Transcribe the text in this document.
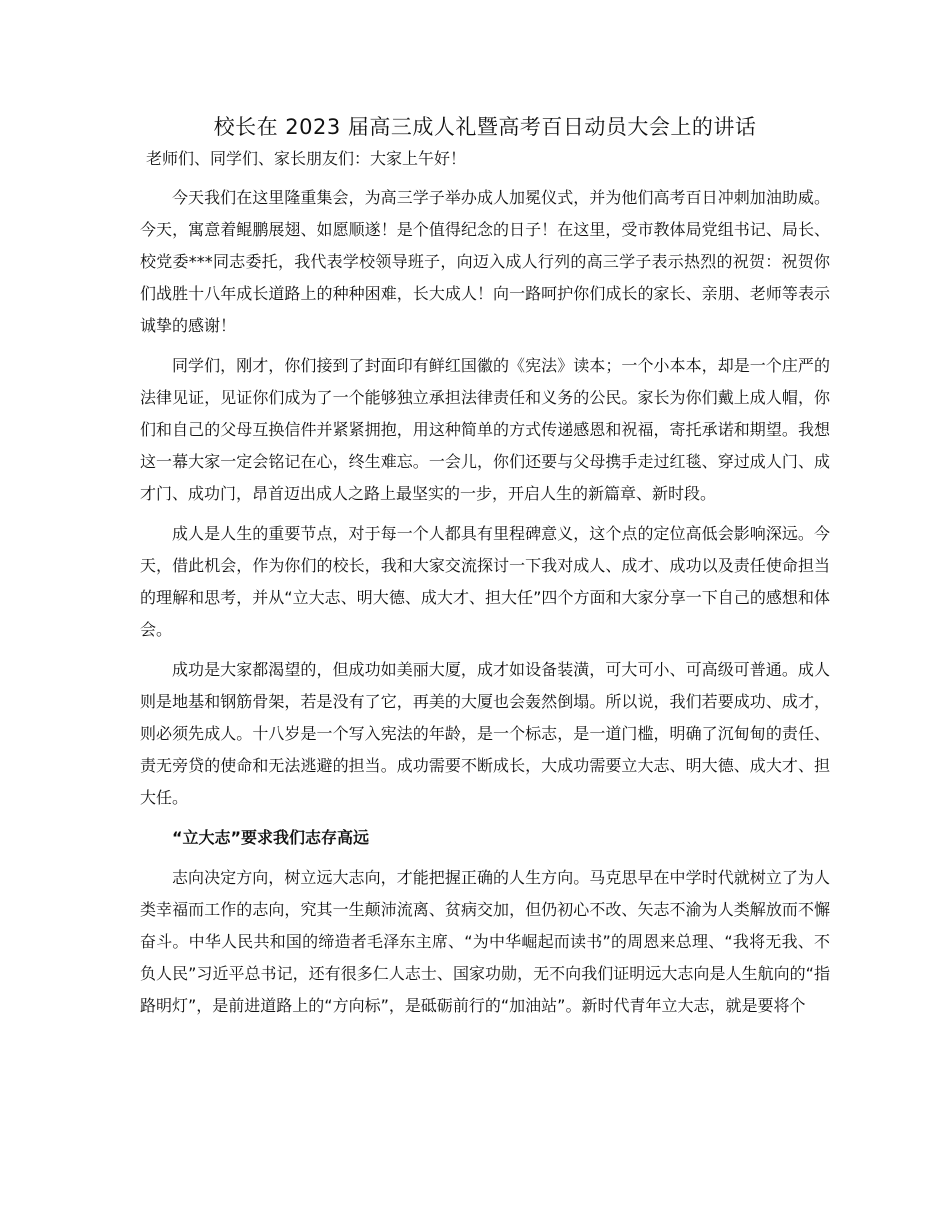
校长在 2023 届高三成人礼暨高考百日动员大会上的讲话

老师们、同学们、家长朋友们：大家上午好！

今天我们在这里隆重集会，为高三学子举办成人加冕仪式，并为他们高考百日冲刺加油助威。今天，寓意着鲲鹏展翅、如愿顺遂！是个值得纪念的日子！在这里，受市教体局党组书记、局长、校党委***同志委托，我代表学校领导班子，向迈入成人行列的高三学子表示热烈的祝贺：祝贺你们战胜十八年成长道路上的种种困难，长大成人！向一路呵护你们成长的家长、亲朋、老师等表示诚挚的感谢！

同学们，刚才，你们接到了封面印有鲜红国徽的《宪法》读本；一个小本本，却是一个庄严的法律见证，见证你们成为了一个能够独立承担法律责任和义务的公民。家长为你们戴上成人帽，你们和自己的父母互换信件并紧紧拥抱，用这种简单的方式传递感恩和祝福，寄托承诺和期望。我想这一幕大家一定会铭记在心，终生难忘。一会儿，你们还要与父母携手走过红毯、穿过成人门、成才门、成功门，昂首迈出成人之路上最坚实的一步，开启人生的新篇章、新时段。

成人是人生的重要节点，对于每一个人都具有里程碑意义，这个点的定位高低会影响深远。今天，借此机会，作为你们的校长，我和大家交流探讨一下我对成人、成才、成功以及责任使命担当的理解和思考，并从“立大志、明大德、成大才、担大任”四个方面和大家分享一下自己的感想和体会。

成功是大家都渴望的，但成功如美丽大厦，成才如设备装潢，可大可小、可高级可普通。成人则是地基和钢筋骨架，若是没有了它，再美的大厦也会轰然倒塌。所以说，我们若要成功、成才，则必须先成人。十八岁是一个写入宪法的年龄，是一个标志，是一道门槛，明确了沉甸甸的责任、责无旁贷的使命和无法逃避的担当。成功需要不断成长，大成功需要立大志、明大德、成大才、担大任。

“立大志”要求我们志存高远

志向决定方向，树立远大志向，才能把握正确的人生方向。马克思早在中学时代就树立了为人类幸福而工作的志向，究其一生颠沛流离、贫病交加，但仍初心不改、矢志不渝为人类解放而不懈奋斗。中华人民共和国的缔造者毛泽东主席、“为中华崛起而读书”的周恩来总理、“我将无我、不负人民”习近平总书记，还有很多仁人志士、国家功勋，无不向我们证明远大志向是人生航向的“指路明灯”，是前进道路上的“方向标”，是砥砺前行的“加油站”。新时代青年立大志，就是要将个
